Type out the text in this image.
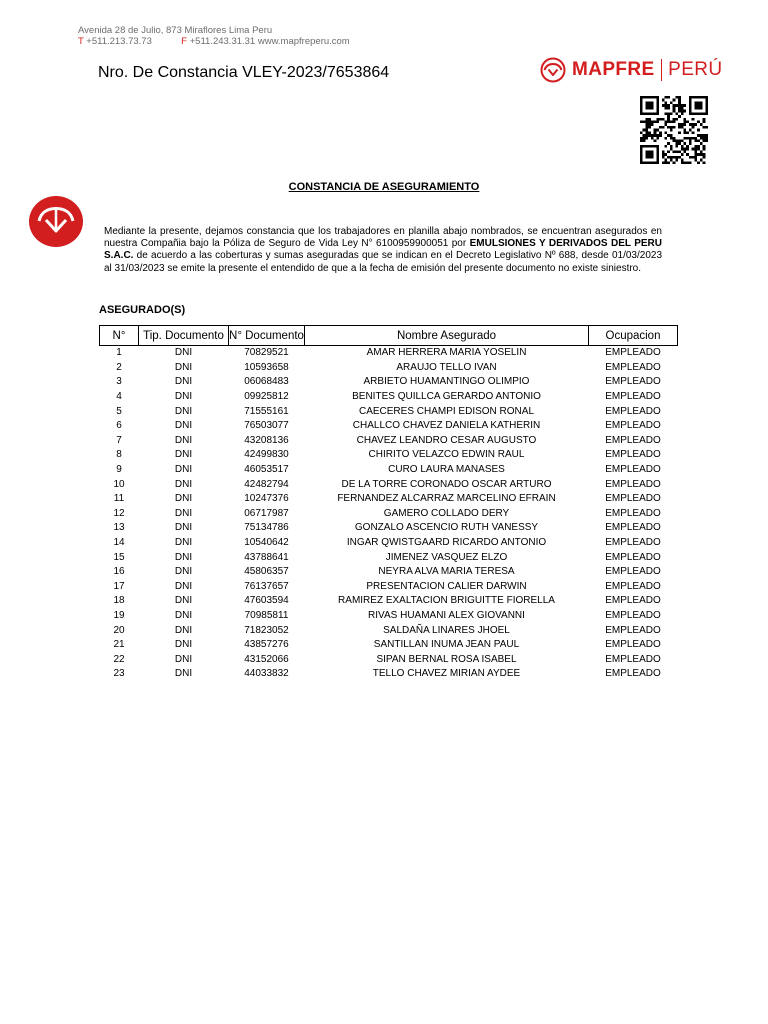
Avenida 28 de Julio, 873 Miraflores Lima Peru
T +511.213.73.73	F +511.243.31.31 www.mapfreperu.com
Nro. De Constancia VLEY-2023/7653864	MAPFRE PERÚ
CONSTANCIA DE ASEGURAMIENTO
Mediante la presente, dejamos constancia que los trabajadores en planilla abajo nombrados, se encuentran asegurados en nuestra Compañia bajo la Póliza de Seguro de Vida Ley N° 6100959900051 por EMULSIONES Y DERIVADOS DEL PERU S.A.C. de acuerdo a las coberturas y sumas aseguradas que se indican en el Decreto Legislativo Nº 688, desde 01/03/2023 al 31/03/2023 se emite la presente el entendido de que a la fecha de emisión del presente documento no existe siniestro.
ASEGURADO(S)
N°	Tip. Documento	N° Documento	Nombre Asegurado	Ocupacion
1	DNI	70829521	AMAR HERRERA MARIA YOSELIN	EMPLEADO
2	DNI	10593658	ARAUJO TELLO IVAN	EMPLEADO
3	DNI	06068483	ARBIETO HUAMANTINGO OLIMPIO	EMPLEADO
4	DNI	09925812	BENITES QUILLCA GERARDO ANTONIO	EMPLEADO
5	DNI	71555161	CAECERES CHAMPI EDISON RONAL	EMPLEADO
6	DNI	76503077	CHALLCO CHAVEZ DANIELA KATHERIN	EMPLEADO
7	DNI	43208136	CHAVEZ LEANDRO CESAR AUGUSTO	EMPLEADO
8	DNI	42499830	CHIRITO VELAZCO EDWIN RAUL	EMPLEADO
9	DNI	46053517	CURO LAURA MANASES	EMPLEADO
10	DNI	42482794	DE LA TORRE CORONADO OSCAR ARTURO	EMPLEADO
11	DNI	10247376	FERNANDEZ ALCARRAZ MARCELINO EFRAIN	EMPLEADO
12	DNI	06717987	GAMERO COLLADO DERY	EMPLEADO
13	DNI	75134786	GONZALO ASCENCIO RUTH VANESSY	EMPLEADO
14	DNI	10540642	INGAR QWISTGAARD RICARDO ANTONIO	EMPLEADO
15	DNI	43788641	JIMENEZ VASQUEZ ELZO	EMPLEADO
16	DNI	45806357	NEYRA ALVA MARIA TERESA	EMPLEADO
17	DNI	76137657	PRESENTACION CALIER DARWIN	EMPLEADO
18	DNI	47603594	RAMIREZ EXALTACION BRIGUITTE FIORELLA	EMPLEADO
19	DNI	70985811	RIVAS HUAMANI ALEX GIOVANNI	EMPLEADO
20	DNI	71823052	SALDAÑA LINARES JHOEL	EMPLEADO
21	DNI	43857276	SANTILLAN INUMA JEAN PAUL	EMPLEADO
22	DNI	43152066	SIPAN BERNAL ROSA ISABEL	EMPLEADO
23	DNI	44033832	TELLO CHAVEZ MIRIAN AYDEE	EMPLEADO
